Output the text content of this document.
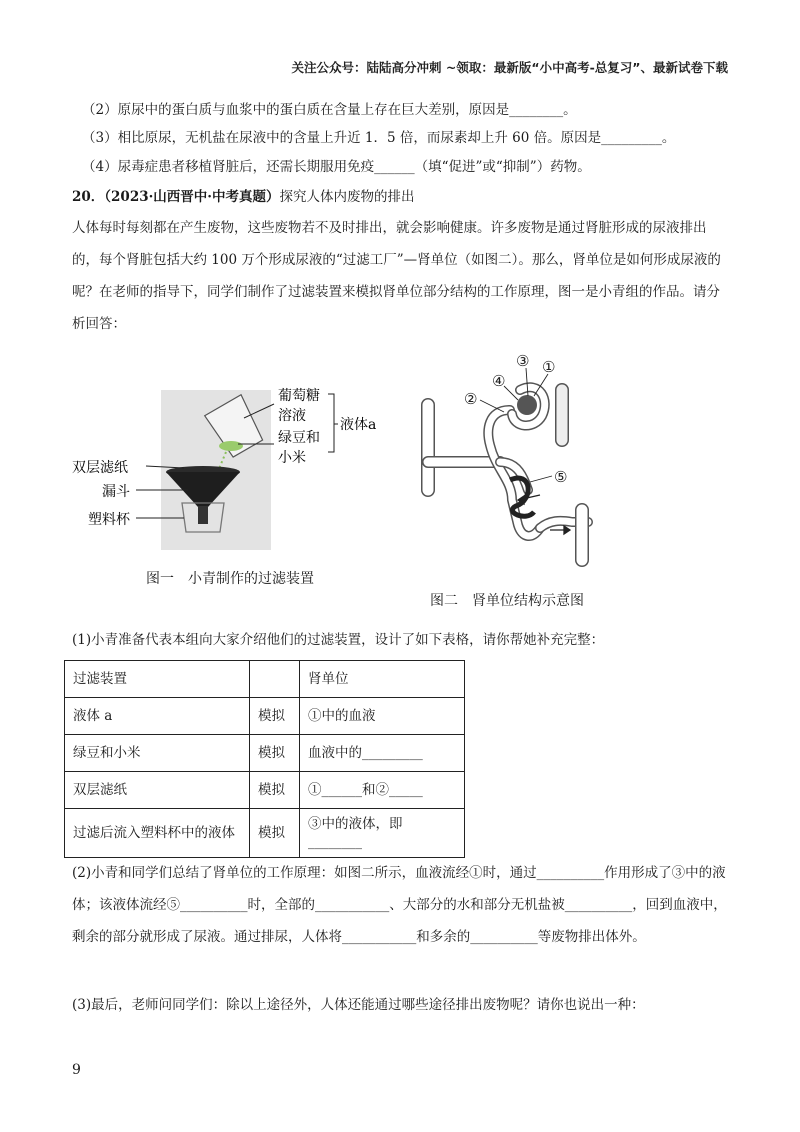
关注公众号：陆陆高分冲刺 ~领取：最新版“小中高考-总复习”、最新试卷下载
（2）原尿中的蛋白质与血浆中的蛋白质在含量上存在巨大差别，原因是________。
（3）相比原尿，无机盐在尿液中的含量上升近 1．5 倍，而尿素却上升 60 倍。原因是_________。
（4）尿毒症患者移植肾脏后，还需长期服用免疫______（填“促进”或“抑制”）药物。
20．（2023·山西晋中·中考真题）探究人体内废物的排出
人体每时每刻都在产生废物，这些废物若不及时排出，就会影响健康。许多废物是通过肾脏形成的尿液排出的，每个肾脏包括大约 100 万个形成尿液的“过滤工厂”—肾单位（如图二）。那么，肾单位是如何形成尿液的呢？在老师的指导下，同学们制作了过滤装置来模拟肾单位部分结构的工作原理，图一是小青组的作品。请分析回答：
葡萄糖
溶液
绿豆和
小米
液体a
双层滤纸
漏斗
塑料杯
图一　小青制作的过滤装置
③ ①
④
②
⑤
图二　肾单位结构示意图
(1)小青准备代表本组向大家介绍他们的过滤装置，设计了如下表格，请你帮她补充完整：
过滤装置		肾单位
液体 a	模拟	①中的血液
绿豆和小米	模拟	血液中的_________
双层滤纸	模拟	①______和②_____
过滤后流入塑料杯中的液体	模拟	③中的液体，即________
(2)小青和同学们总结了肾单位的工作原理：如图二所示，血液流经①时，通过__________作用形成了③中的液体；该液体流经⑤__________时，全部的___________、大部分的水和部分无机盐被__________，回到血液中，剩余的部分就形成了尿液。通过排尿，人体将___________和多余的__________等废物排出体外。
(3)最后，老师问同学们：除以上途径外，人体还能通过哪些途径排出废物呢？请你也说出一种：
9
